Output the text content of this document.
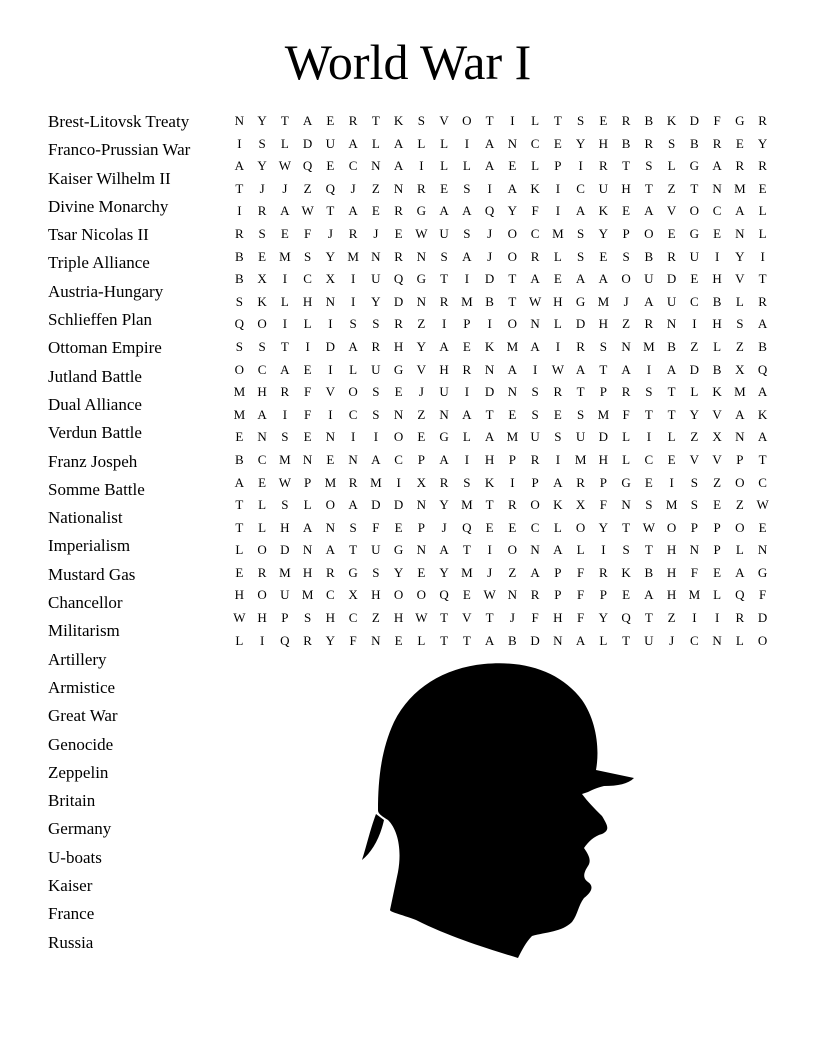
World War I
Brest-Litovsk Treaty
Franco-Prussian War
Kaiser Wilhelm II
Divine Monarchy
Tsar Nicolas II
Triple Alliance
Austria-Hungary
Schlieffen Plan
Ottoman Empire
Jutland Battle
Dual Alliance
Verdun Battle
Franz Jospeh
Somme Battle
Nationalist
Imperialism
Mustard Gas
Chancellor
Militarism
Artillery
Armistice
Great War
Genocide
Zeppelin
Britain
Germany
U-boats
Kaiser
France
Russia
N	Y	T	A	E	R	T	K	S	V	O	T	I	L	T	S	E	R	B	K	D	F	G	R
I	S	L	D	U	A	L	A	L	L	I	A	N	C	E	Y	H	B	R	S	B	R	E	Y
A	Y W Q	E	C	N	A	I	L	L	A	E	L	P	I	R	T	S	L	G	A	R	R
T	J	J	Z	Q	J	Z	N	R	E	S	I	A	K	I	C	U	H	T	Z	T	N M E
I	R	A W T	A	E	R	G	A	A	Q	Y	F	I	A	K	E	A	V	O	C	A	L
R	S	E	F	J	R	J	E W U	S	J	O	C M	S	Y	P	O	E	G	E	N	L
B	E	M	S	Y M N	R	N	S	A	J	O	R	L	S	E	S	B	R	U	I	Y	I
B	X	I	C	X	I	U	Q	G	T	I	D	T	A	E	A	A	O	U	D	E	H	V	T
S	K	L	H	N	I	Y	D	N	R M B	T W H	G M	J	A	U	C	B	L	R
Q	O	I	L	I	S	S	R	Z	I	P	I	O	N	L	D	H	Z	R	N	I	H	S	A
S	S	T	I	D	A	R	H	Y	A	E	K M A	I	R	S	N M B	Z	L	Z	B
O	C	A	E	I	L	U	G	V	H	R	N	A	I	W A	T	A	I	A	D	B	X	Q
M H	R	F	V	O	S	E	J	U	I	D	N	S	R	T	P	R	S	T	L	K M A
M A	I	F	I	C	S	N	Z	N	A	T	E	S	E	S	M	F	T	T	Y	V	A	K
E	N	S	E	N	I	I	O	E	G	L	A M U	S	U	D	L	I	L	Z	X	N	A
B	C M N	E	N	A	C	P	A	I	H	P	R	I	M H	L	C	E	V	V	P	T
A	E W P	M R M	I	X	R	S	K	I	P	A	R	P	G	E	I	S	Z	O	C
T	L	S	L	O	A	D	D	N	Y M T	R	O	K	X	F	N	S	M	S	E	Z W
T	L	H	A	N	S	F	E	P	J	Q	E	E	C	L	O	Y	T W O	P	P	O	E
L	O	D	N	A	T	U	G	N	A	T	I	O	N	A	L	I	S	T	H	N	P	L	N
E	R M H	R	G	S	Y	E	Y M	J	Z	A	P	F	R	K	B	H	F	E	A	G
H	O	U M C	X	H	O	O	Q	E W N	R	P	F	P	E	A	H M L	Q	F
W H	P	S	H	C	Z	H W T	V	T	J	F	H	F	Y	Q	T	Z	I	I	R	D
L	I	Q	R	Y	F	N	E	L	T	T	A	B	D	N	A	L	T	U	J	C	N	L	O
